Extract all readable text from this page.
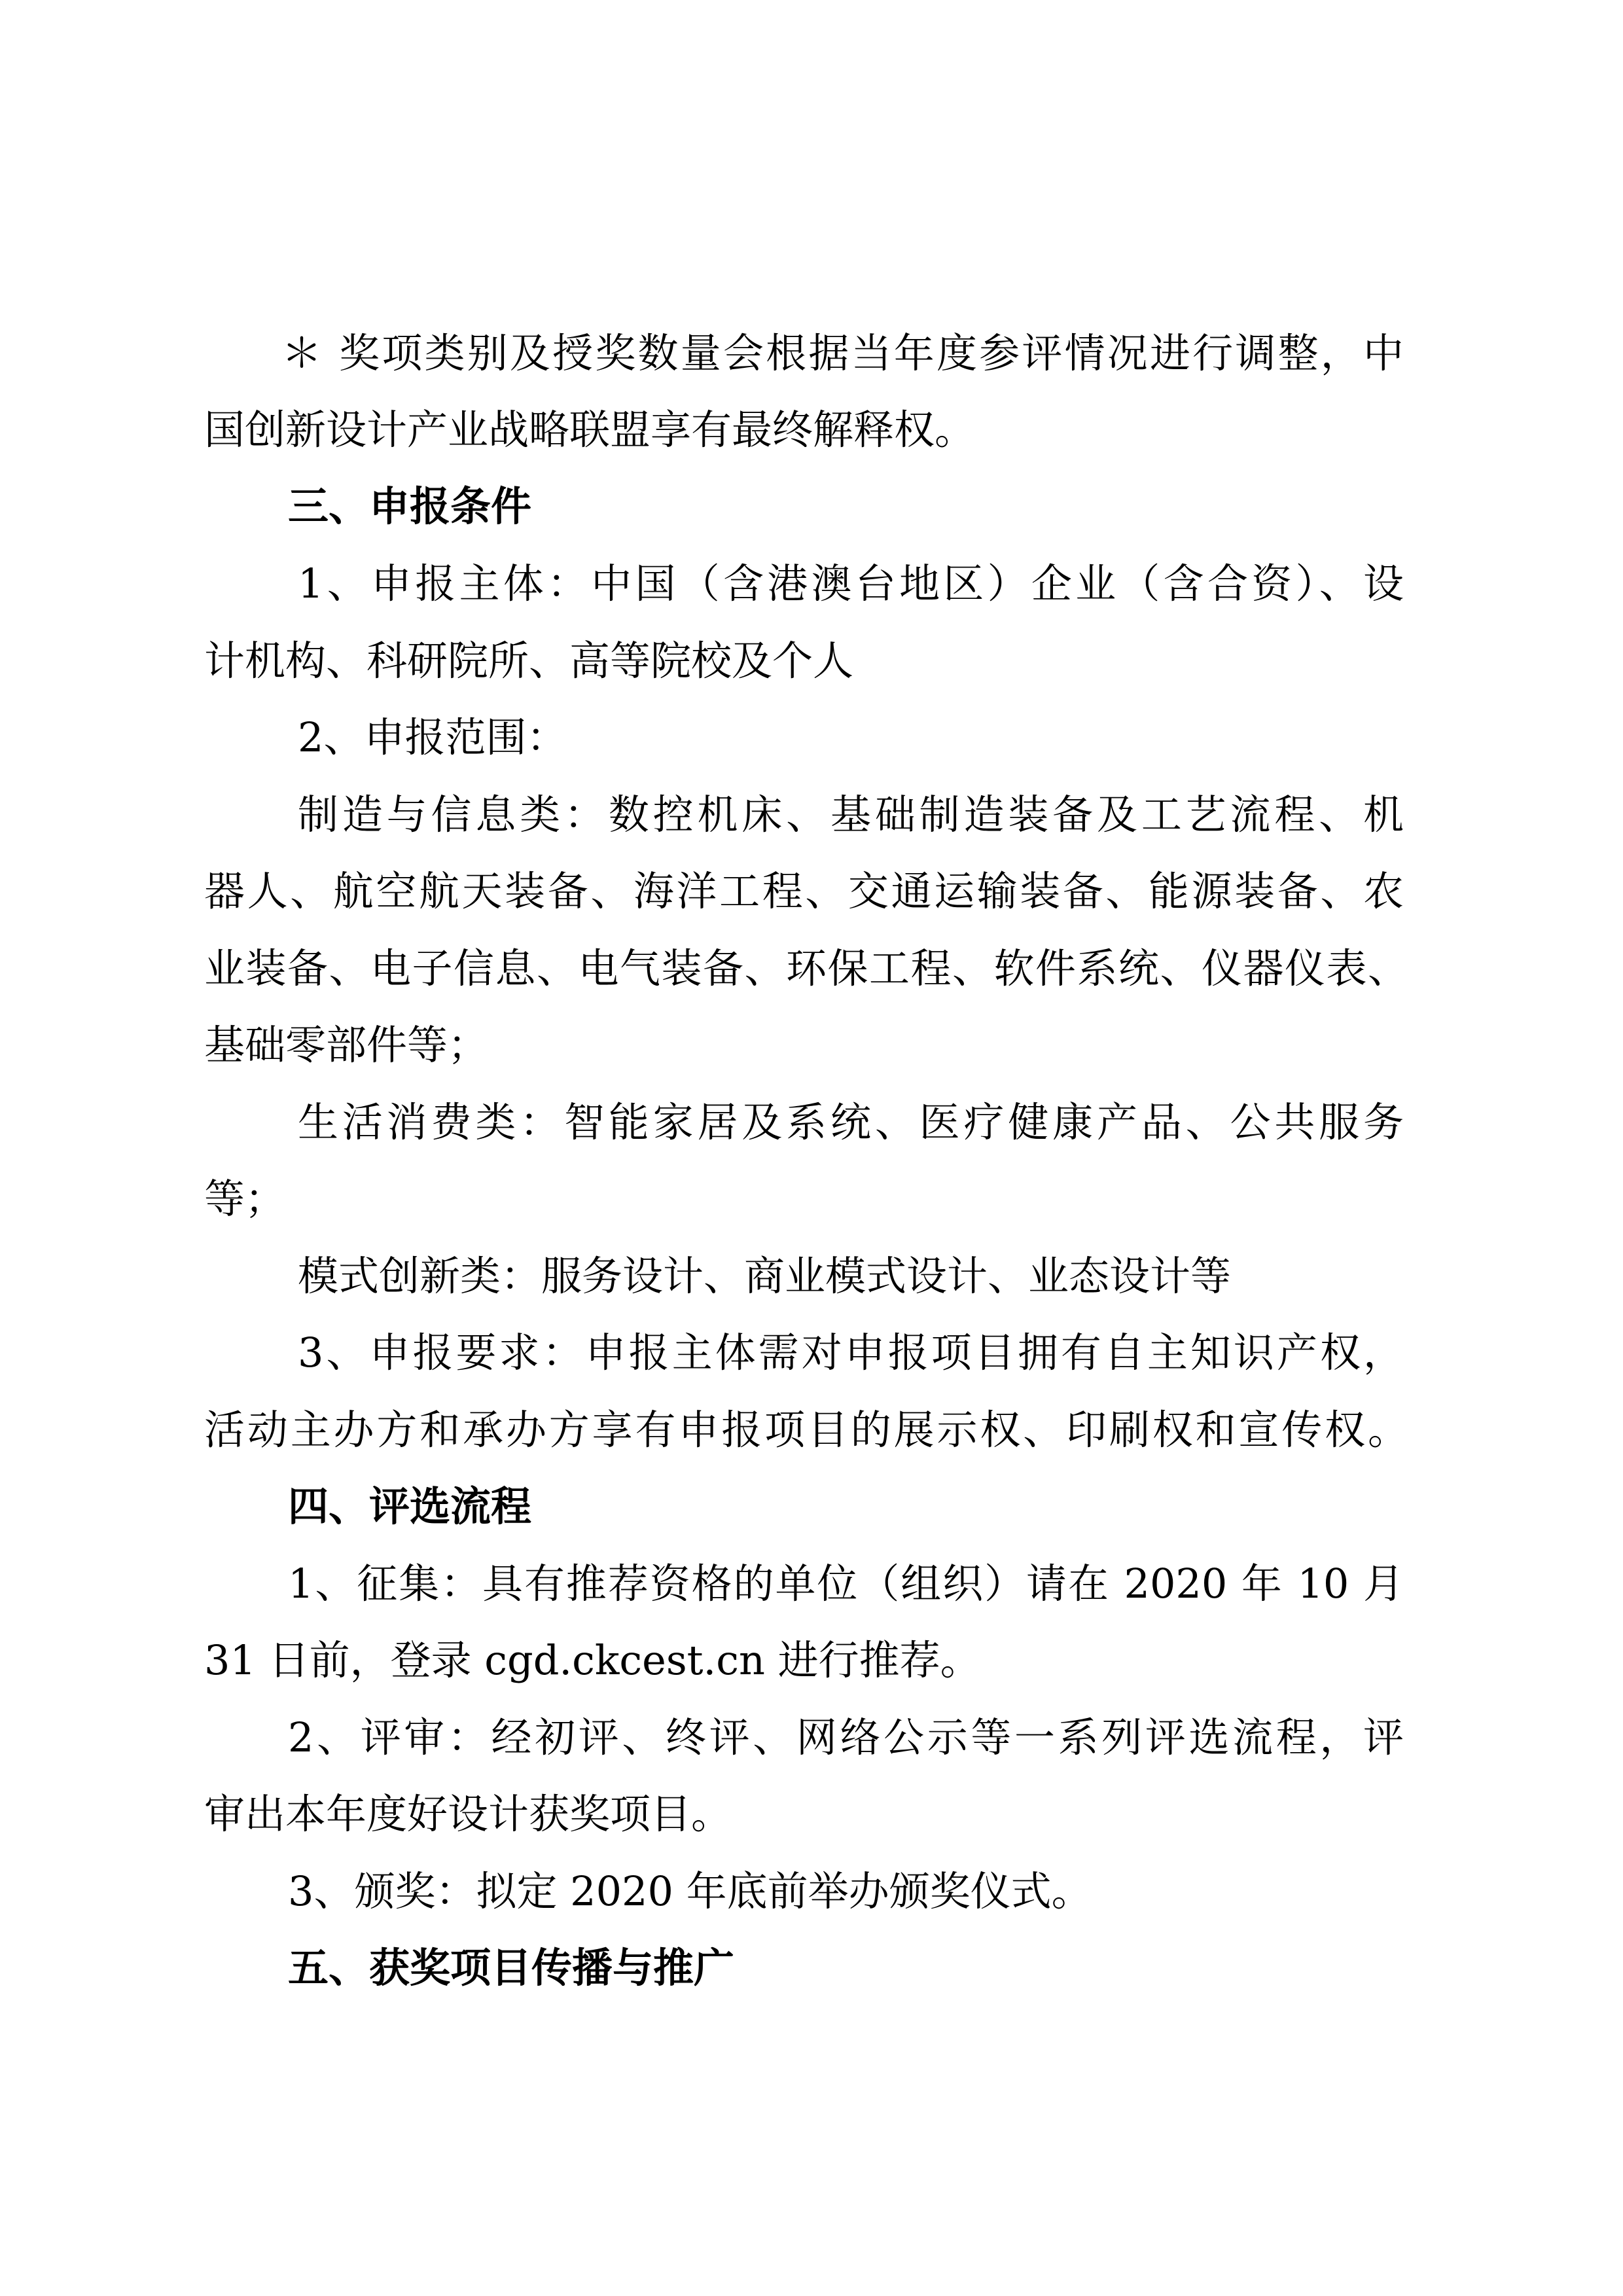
＊ 奖项类别及授奖数量会根据当年度参评情况进行调整，中
国创新设计产业战略联盟享有最终解释权。
三、申报条件
1、申报主体：中国（含港澳台地区）企业（含合资）、设
计机构、科研院所、高等院校及个人
2、申报范围：
制造与信息类：数控机床、基础制造装备及工艺流程、机
器人、航空航天装备、海洋工程、交通运输装备、能源装备、农
业装备、电子信息、电气装备、环保工程、软件系统、仪器仪表、
基础零部件等；
生活消费类：智能家居及系统、医疗健康产品、公共服务
等；
模式创新类：服务设计、商业模式设计、业态设计等
3、申报要求：申报主体需对申报项目拥有自主知识产权，
活动主办方和承办方享有申报项目的展示权、印刷权和宣传权。
四、评选流程
1、征集：具有推荐资格的单位（组织）请在 2020 年 10 月
31 日前，登录 cgd.ckcest.cn 进行推荐。
2、评审：经初评、终评、网络公示等一系列评选流程，评
审出本年度好设计获奖项目。
3、颁奖：拟定 2020 年底前举办颁奖仪式。
五、获奖项目传播与推广
